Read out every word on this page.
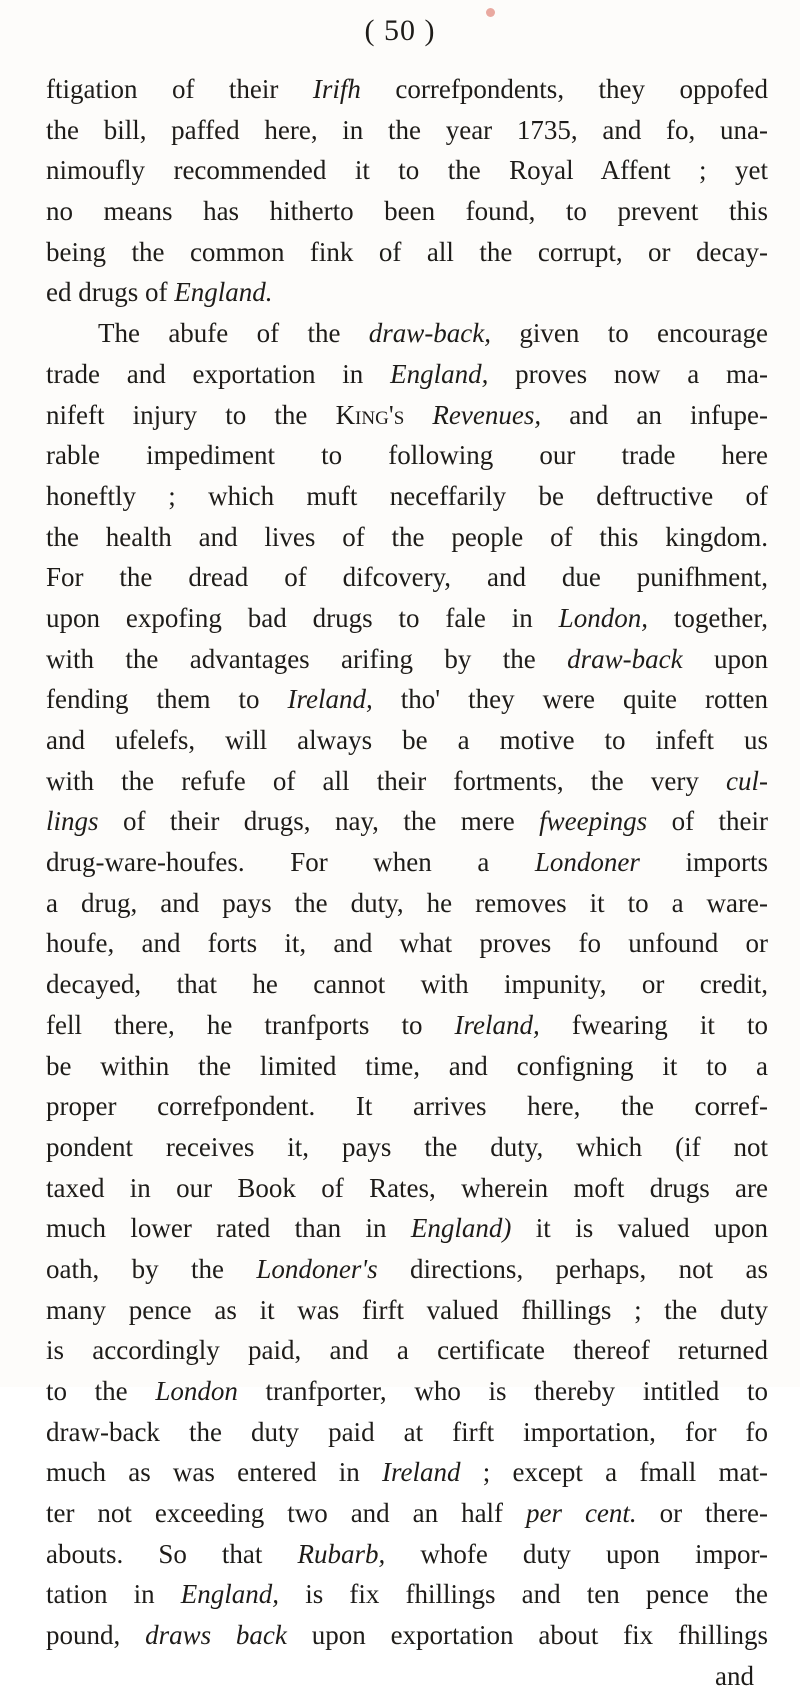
( 50 )
ftigation of their Irifh correfpondents, they oppofed
the bill, paffed here, in the year 1735, and fo, una-
nimoufly recommended it to the Royal Affent ; yet
no means has hitherto been found, to prevent this
being the common fink of all the corrupt, or decay-
ed drugs of England.
The abufe of the draw-back, given to encourage
trade and exportation in England, proves now a ma-
nifeft injury to the King's Revenues, and an infupe-
rable impediment to following our trade here
honeftly ; which muft neceffarily be deftructive of
the health and lives of the people of this kingdom.
For the dread of difcovery, and due punifhment,
upon expofing bad drugs to fale in London, together,
with the advantages arifing by the draw-back upon
fending them to Ireland, tho' they were quite rotten
and ufelefs, will always be a motive to infeft us
with the refufe of all their fortments, the very cul-
lings of their drugs, nay, the mere fweepings of their
drug-ware-houfes. For when a Londoner imports
a drug, and pays the duty, he removes it to a ware-
houfe, and forts it, and what proves fo unfound or
decayed, that he cannot with impunity, or credit,
fell there, he tranfports to Ireland, fwearing it to
be within the limited time, and configning it to a
proper correfpondent. It arrives here, the corref-
pondent receives it, pays the duty, which (if not
taxed in our Book of Rates, wherein moft drugs are
much lower rated than in England) it is valued upon
oath, by the Londoner's directions, perhaps, not as
many pence as it was firft valued fhillings ; the duty
is accordingly paid, and a certificate thereof returned
to the London tranfporter, who is thereby intitled to
draw-back the duty paid at firft importation, for fo
much as was entered in Ireland ; except a fmall mat-
ter not exceeding two and an half per cent. or there-
abouts. So that Rubarb, whofe duty upon impor-
tation in England, is fix fhillings and ten pence the
pound, draws back upon exportation about fix fhillings
and
